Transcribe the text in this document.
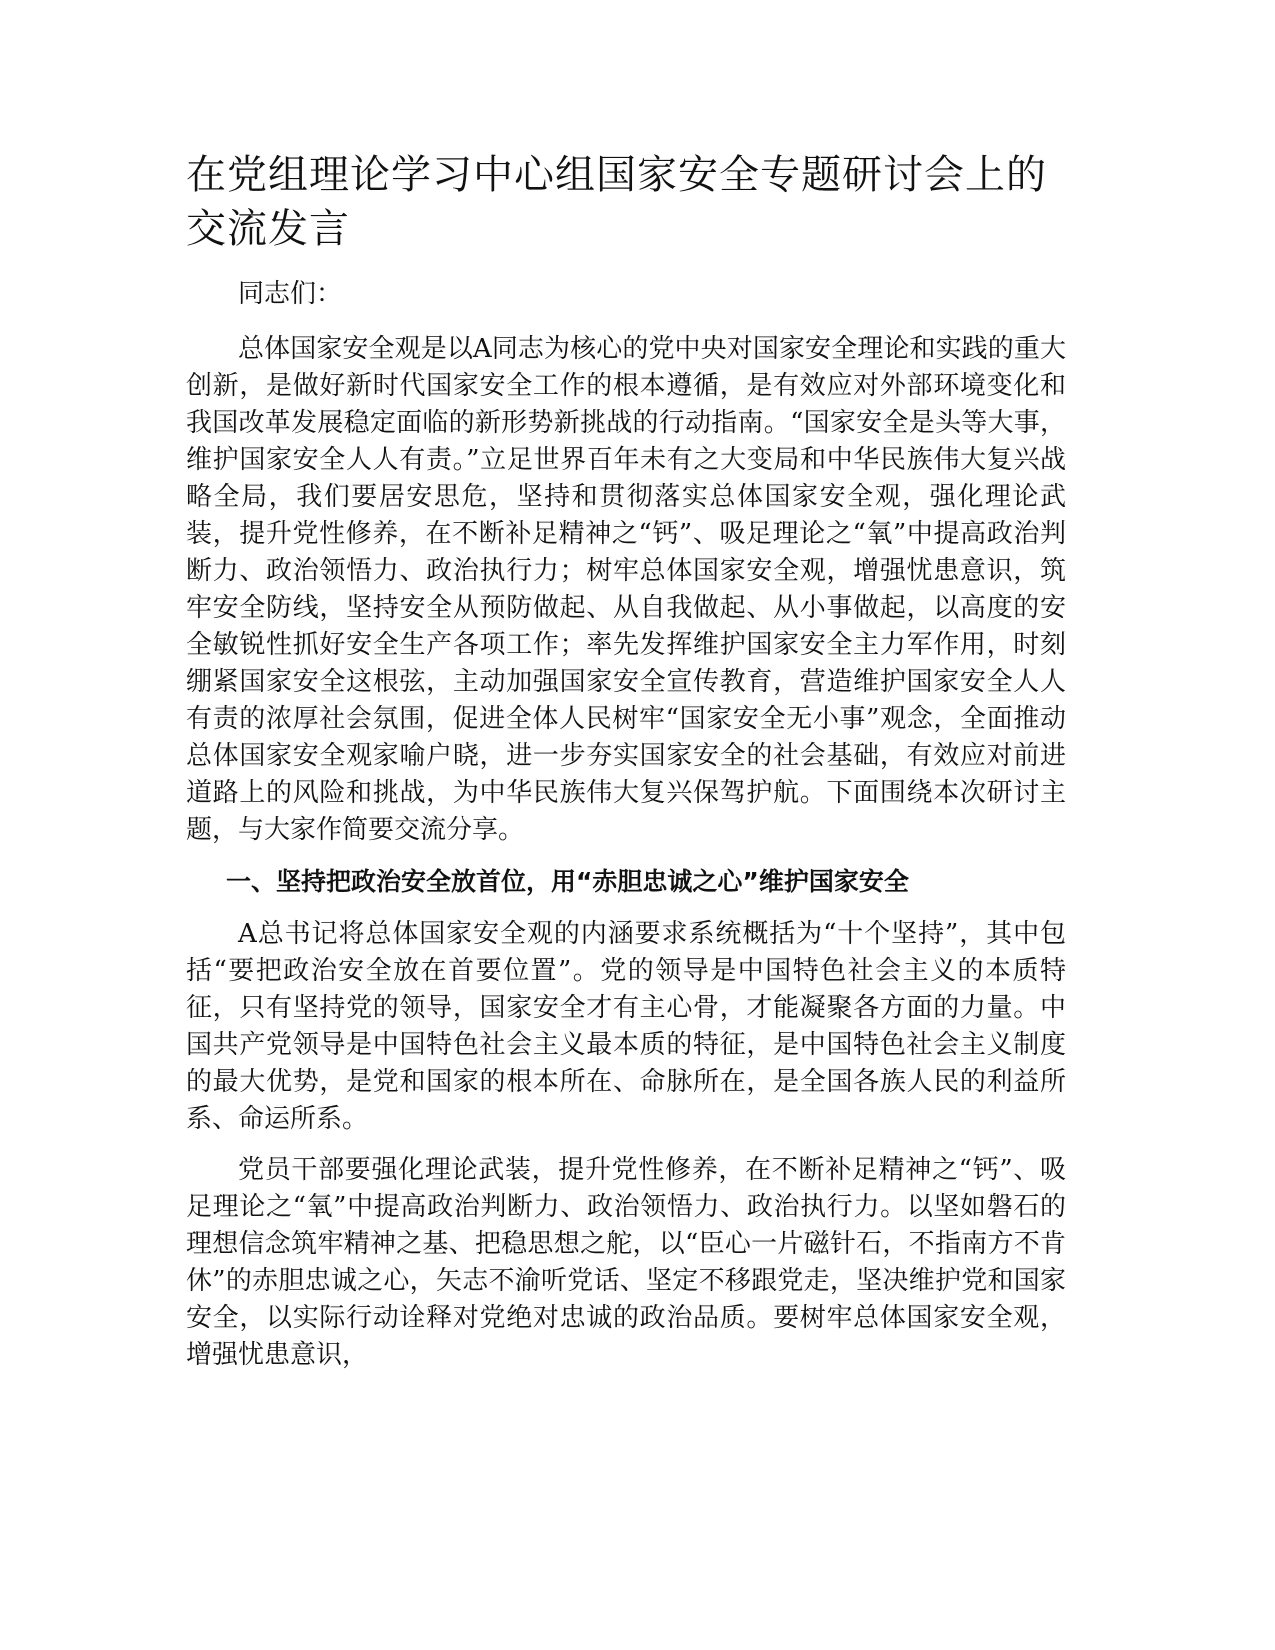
在党组理论学习中心组国家安全专题研讨会上的交流发言

同志们：

总体国家安全观是以A同志为核心的党中央对国家安全理论和实践的重大创新，是做好新时代国家安全工作的根本遵循，是有效应对外部环境变化和我国改革发展稳定面临的新形势新挑战的行动指南。“国家安全是头等大事，维护国家安全人人有责。”立足世界百年未有之大变局和中华民族伟大复兴战略全局，我们要居安思危，坚持和贯彻落实总体国家安全观，强化理论武装，提升党性修养，在不断补足精神之“钙”、吸足理论之“氧”中提高政治判断力、政治领悟力、政治执行力；树牢总体国家安全观，增强忧患意识，筑牢安全防线，坚持安全从预防做起、从自我做起、从小事做起，以高度的安全敏锐性抓好安全生产各项工作；率先发挥维护国家安全主力军作用，时刻绷紧国家安全这根弦，主动加强国家安全宣传教育，营造维护国家安全人人有责的浓厚社会氛围，促进全体人民树牢“国家安全无小事”观念，全面推动总体国家安全观家喻户晓，进一步夯实国家安全的社会基础，有效应对前进道路上的风险和挑战，为中华民族伟大复兴保驾护航。下面围绕本次研讨主题，与大家作简要交流分享。

一、坚持把政治安全放首位，用“赤胆忠诚之心”维护国家安全

A总书记将总体国家安全观的内涵要求系统概括为“十个坚持”，其中包括“要把政治安全放在首要位置”。党的领导是中国特色社会主义的本质特征，只有坚持党的领导，国家安全才有主心骨，才能凝聚各方面的力量。中国共产党领导是中国特色社会主义最本质的特征，是中国特色社会主义制度的最大优势，是党和国家的根本所在、命脉所在，是全国各族人民的利益所系、命运所系。

党员干部要强化理论武装，提升党性修养，在不断补足精神之“钙”、吸足理论之“氧”中提高政治判断力、政治领悟力、政治执行力。以坚如磐石的理想信念筑牢精神之基、把稳思想之舵，以“臣心一片磁针石，不指南方不肯休”的赤胆忠诚之心，矢志不渝听党话、坚定不移跟党走，坚决维护党和国家安全，以实际行动诠释对党绝对忠诚的政治品质。要树牢总体国家安全观，增强忧患意识，
